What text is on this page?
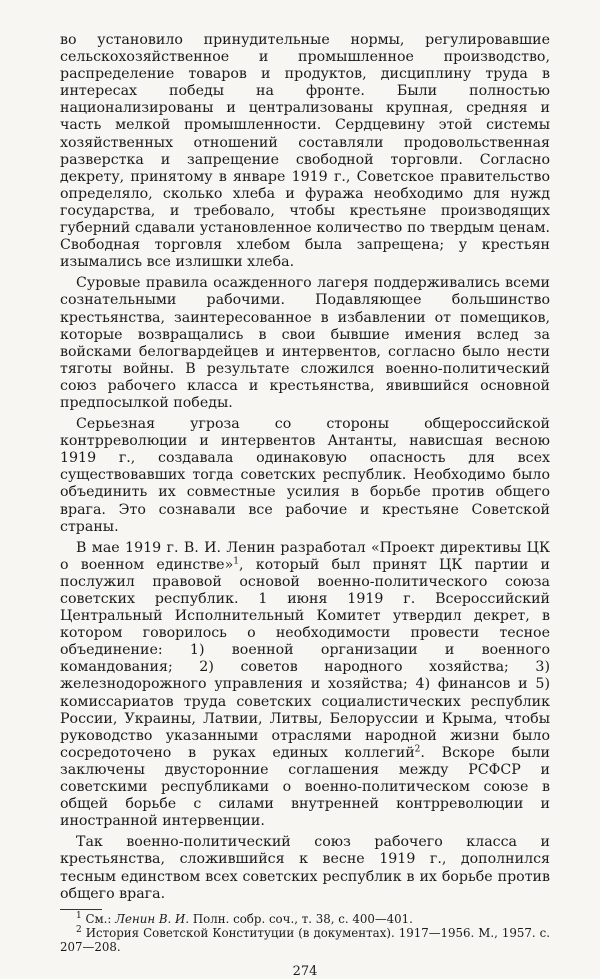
во установило принудительные нормы, регулировавшие сельскохозяйственное и промышленное производство, распределение товаров и продуктов, дисциплину труда в интересах победы на фронте. Были полностью национализированы и централизованы крупная, средняя и часть мелкой промышленности. Сердцевину этой системы хозяйственных отношений составляли продовольственная разверстка и запрещение свободной торговли. Согласно декрету, принятому в январе 1919 г., Советское правительство определяло, сколько хлеба и фуража необходимо для нужд государства, и требовало, чтобы крестьяне производящих губерний сдавали установленное количество по твердым ценам. Свободная торговля хлебом была запрещена; у крестьян изымались все излишки хлеба.

Суровые правила осажденного лагеря поддерживались всеми сознательными рабочими. Подавляющее большинство крестьянства, заинтересованное в избавлении от помещиков, которые возвращались в свои бывшие имения вслед за войсками белогвардейцев и интервентов, согласно было нести тяготы войны. В результате сложился военно-политический союз рабочего класса и крестьянства, явившийся основной предпосылкой победы.

Серьезная угроза со стороны общероссийской контрреволюции и интервентов Антанты, нависшая весною 1919 г., создавала одинаковую опасность для всех существовавших тогда советских республик. Необходимо было объединить их совместные усилия в борьбе против общего врага. Это сознавали все рабочие и крестьяне Советской страны.

В мае 1919 г. В. И. Ленин разработал «Проект директивы ЦК о военном единстве»$^1$, который был принят ЦК партии и послужил правовой основой военно-политического союза советских республик. 1 июня 1919 г. Всероссийский Центральный Исполнительный Комитет утвердил декрет, в котором говорилось о необходимости провести тесное объединение: 1) военной организации и военного командования; 2) советов народного хозяйства; 3) железнодорожного управления и хозяйства; 4) финансов и 5) комиссариатов труда советских социалистических республик России, Украины, Латвии, Литвы, Белоруссии и Крыма, чтобы руководство указанными отраслями народной жизни было сосредоточено в руках единых коллегий$^2$. Вскоре были заключены двусторонние соглашения между РСФСР и советскими республиками о военно-политическом союзе в общей борьбе с силами внутренней контрреволюции и иностранной интервенции.

Так военно-политический союз рабочего класса и крестьянства, сложившийся к весне 1919 г., дополнился тесным единством всех советских республик в их борьбе против общего врага.

$^1$ См.: Ленин В. И. Полн. собр. соч., т. 38, с. 400—401.

$^2$ История Советской Конституции (в документах). 1917—1956. М., 1957. с. 207—208.

274
